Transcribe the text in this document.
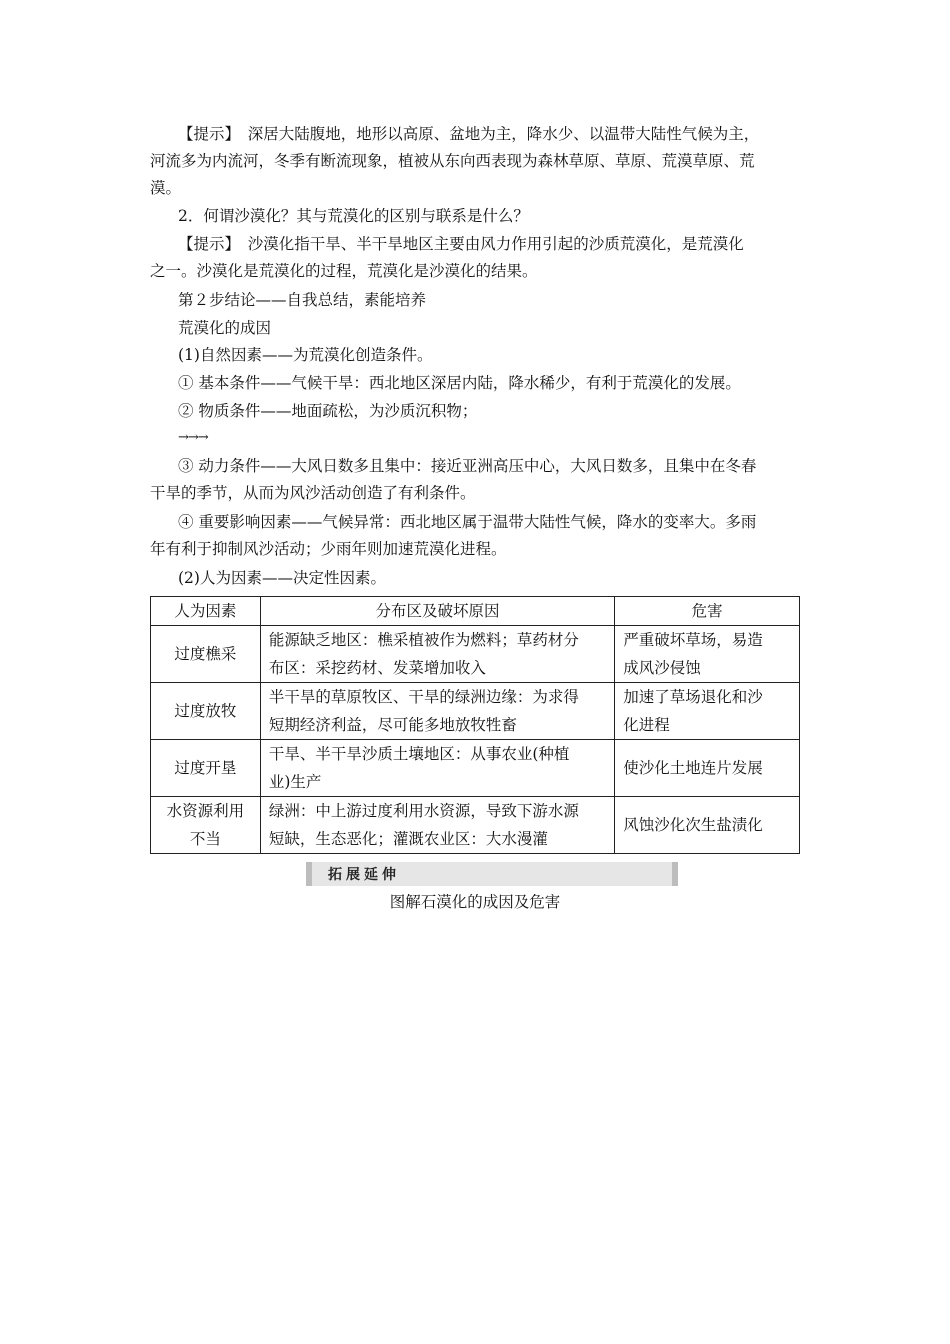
【提示】　深居大陆腹地，地形以高原、盆地为主，降水少、以温带大陆性气候为主，
河流多为内流河，冬季有断流现象，植被从东向西表现为森林草原、草原、荒漠草原、荒
漠。
2．何谓沙漠化？其与荒漠化的区别与联系是什么？
【提示】　沙漠化指干旱、半干旱地区主要由风力作用引起的沙质荒漠化，是荒漠化
之一。沙漠化是荒漠化的过程，荒漠化是沙漠化的结果。
第２步结论——自我总结，素能培养
荒漠化的成因
(1)自然因素——为荒漠化创造条件。
① 基本条件——气候干旱：西北地区深居内陆，降水稀少，有利于荒漠化的发展。
② 物质条件——地面疏松，为沙质沉积物；
→→→
③ 动力条件——大风日数多且集中：接近亚洲高压中心，大风日数多，且集中在冬春
干旱的季节，从而为风沙活动创造了有利条件。
④ 重要影响因素——气候异常：西北地区属于温带大陆性气候，降水的变率大。多雨
年有利于抑制风沙活动；少雨年则加速荒漠化进程。
(2)人为因素——决定性因素。
人为因素	分布区及破坏原因	危害
过度樵采	能源缺乏地区：樵采植被作为燃料；草药材分
布区：采挖药材、发菜增加收入	严重破坏草场，易造
成风沙侵蚀
过度放牧	半干旱的草原牧区、干旱的绿洲边缘：为求得
短期经济利益，尽可能多地放牧牲畜	加速了草场退化和沙
化进程
过度开垦	干旱、半干旱沙质土壤地区：从事农业(种植
业)生产	使沙化土地连片发展
水资源利用
不当	绿洲：中上游过度利用水资源，导致下游水源
短缺，生态恶化；灌溉农业区：大水漫灌	风蚀沙化次生盐渍化
拓展延伸
图解石漠化的成因及危害
